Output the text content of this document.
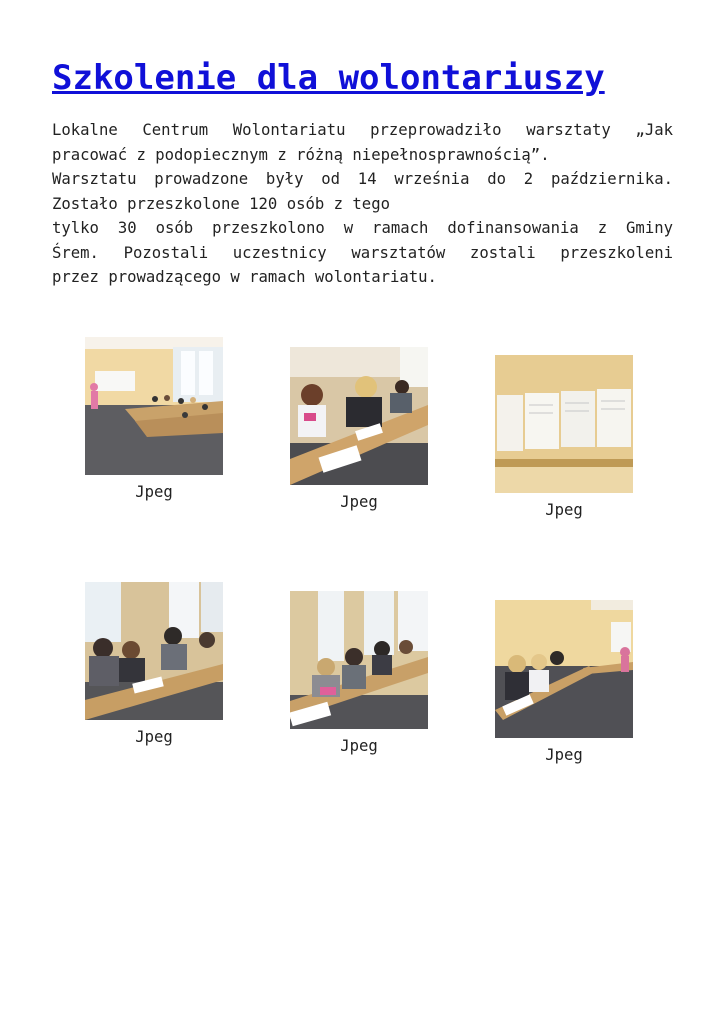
Szkolenie dla wolontariuszy

Lokalne Centrum Wolontariatu przeprowadziło warsztaty „Jak

pracować z podopiecznym z różną niepełnosprawnością”.

Warsztatu prowadzone były od 14 września do 2 października.

Zostało przeszkolone 120 osób z tego

tylko 30 osób przeszkolono w ramach dofinansowania z Gminy

Śrem. Pozostali uczestnicy warsztatów zostali przeszkoleni

przez prowadzącego w ramach wolontariatu.

Jpeg
Jpeg	Jpeg
Jpeg	Jpeg	Jpeg
